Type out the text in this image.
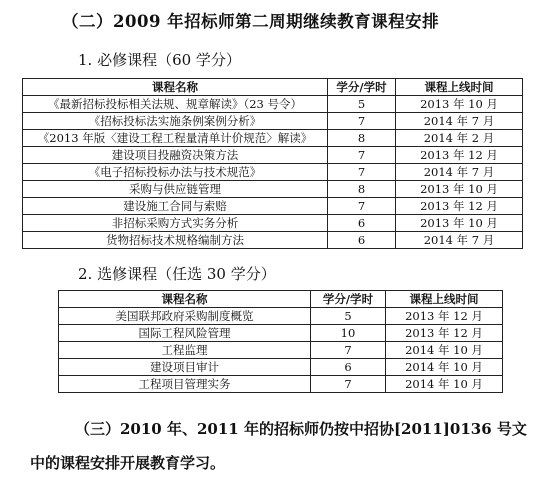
（二）2009 年招标师第二周期继续教育课程安排
1. 必修课程（60 学分）
课程名称	学分/学时	课程上线时间
《最新招标投标相关法规、规章解读》（23 号令）	5	2013 年 10 月
《招标投标法实施条例案例分析》	7	2014 年 7 月
《2013 年版〈建设工程工程量清单计价规范〉解读》	8	2014 年 2 月
建设项目投融资决策方法	7	2013 年 12 月
《电子招标投标办法与技术规范》	7	2014 年 7 月
采购与供应链管理	8	2013 年 10 月
建设施工合同与索赔	7	2013 年 12 月
非招标采购方式实务分析	6	2013 年 10 月
货物招标技术规格编制方法	6	2014 年 7 月
2. 选修课程（任选 30 学分）
课程名称	学分/学时	课程上线时间
美国联邦政府采购制度概览	5	2013 年 12 月
国际工程风险管理	10	2013 年 12 月
工程监理	7	2014 年 10 月
建设项目审计	6	2014 年 10 月
工程项目管理实务	7	2014 年 10 月
（三）2010 年、2011 年的招标师仍按中招协[2011]0136 号文
中的课程安排开展教育学习。
